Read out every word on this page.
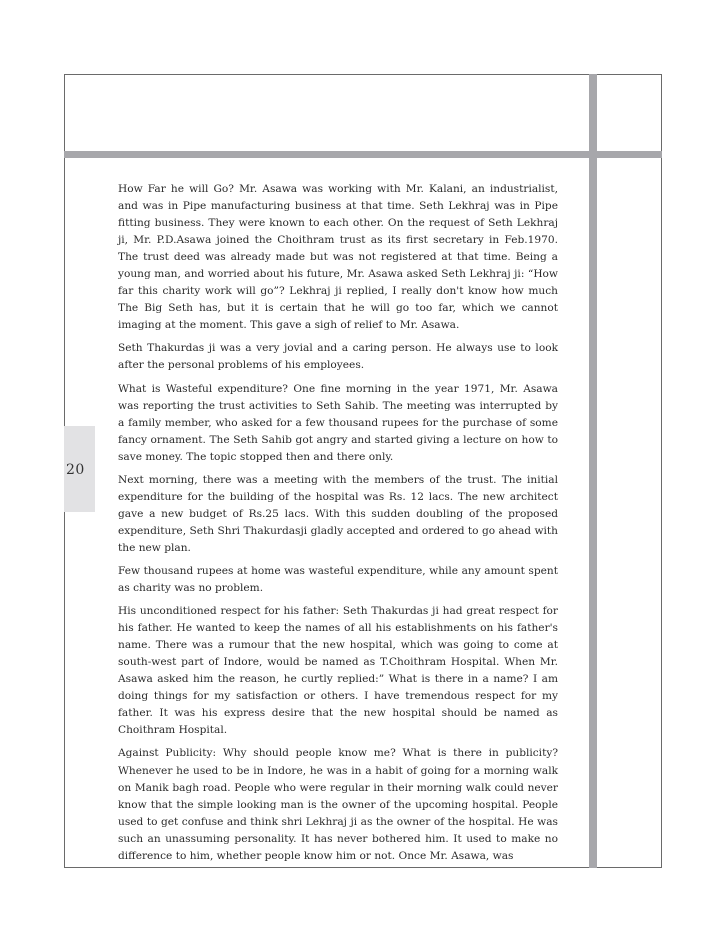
20

How Far he will Go? Mr. Asawa was working with Mr. Kalani, an industrialist, and was in Pipe manufacturing business at that time. Seth Lekhraj was in Pipe fitting business. They were known to each other. On the request of Seth Lekhraj ji, Mr. P.D.Asawa joined the Choithram trust as its first secretary in Feb.1970. The trust deed was already made but was not registered at that time. Being a young man, and worried about his future, Mr. Asawa asked Seth Lekhraj ji: “How far this charity work will go”? Lekhraj ji replied, I really don't know how much The Big Seth has, but it is certain that he will go too far, which we cannot imaging at the moment. This gave a sigh of relief to Mr. Asawa.

Seth Thakurdas ji was a very jovial and a caring person. He always use to look after the personal problems of his employees.

What is Wasteful expenditure? One fine morning in the year 1971, Mr. Asawa was reporting the trust activities to Seth Sahib. The meeting was interrupted by a family member, who asked for a few thousand rupees for the purchase of some fancy ornament. The Seth Sahib got angry and started giving a lecture on how to save money. The topic stopped then and there only.

Next morning, there was a meeting with the members of the trust. The initial expenditure for the building of the hospital was Rs. 12 lacs. The new architect gave a new budget of Rs.25 lacs. With this sudden doubling of the proposed expenditure, Seth Shri Thakurdasji gladly accepted and ordered to go ahead with the new plan.

Few thousand rupees at home was wasteful expenditure, while any amount spent as charity was no problem.

His unconditioned respect for his father: Seth Thakurdas ji had great respect for his father. He wanted to keep the names of all his establishments on his father's name. There was a rumour that the new hospital, which was going to come at south-west part of Indore, would be named as T.Choithram Hospital. When Mr. Asawa asked him the reason, he curtly replied:” What is there in a name? I am doing things for my satisfaction or others. I have tremendous respect for my father. It was his express desire that the new hospital should be named as Choithram Hospital.

Against Publicity: Why should people know me? What is there in publicity? Whenever he used to be in Indore, he was in a habit of going for a morning walk on Manik bagh road. People who were regular in their morning walk could never know that the simple looking man is the owner of the upcoming hospital. People used to get confuse and think shri Lekhraj ji as the owner of the hospital. He was such an unassuming personality. It has never bothered him. It used to make no difference to him, whether people know him or not. Once Mr. Asawa, was
